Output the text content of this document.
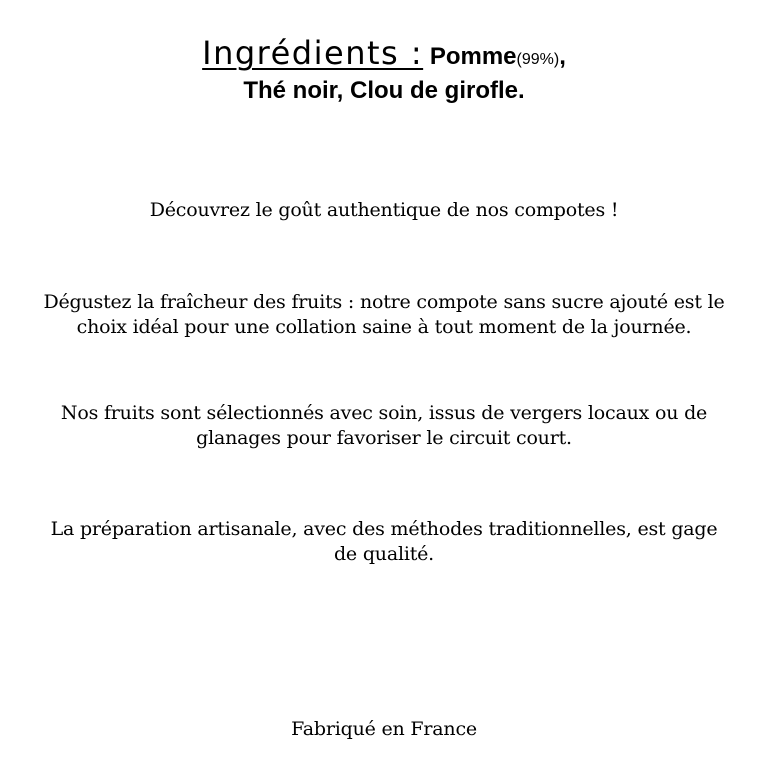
Ingrédients : Pomme(99%),
Thé noir, Clou de girofle.
Découvrez le goût authentique de nos compotes !
Dégustez la fraîcheur des fruits : notre compote sans sucre ajouté est le choix idéal pour une collation saine à tout moment de la journée.
Nos fruits sont sélectionnés avec soin, issus de vergers locaux ou de glanages pour favoriser le circuit court.
La préparation artisanale, avec des méthodes traditionnelles, est gage de qualité.
Fabriqué en France
